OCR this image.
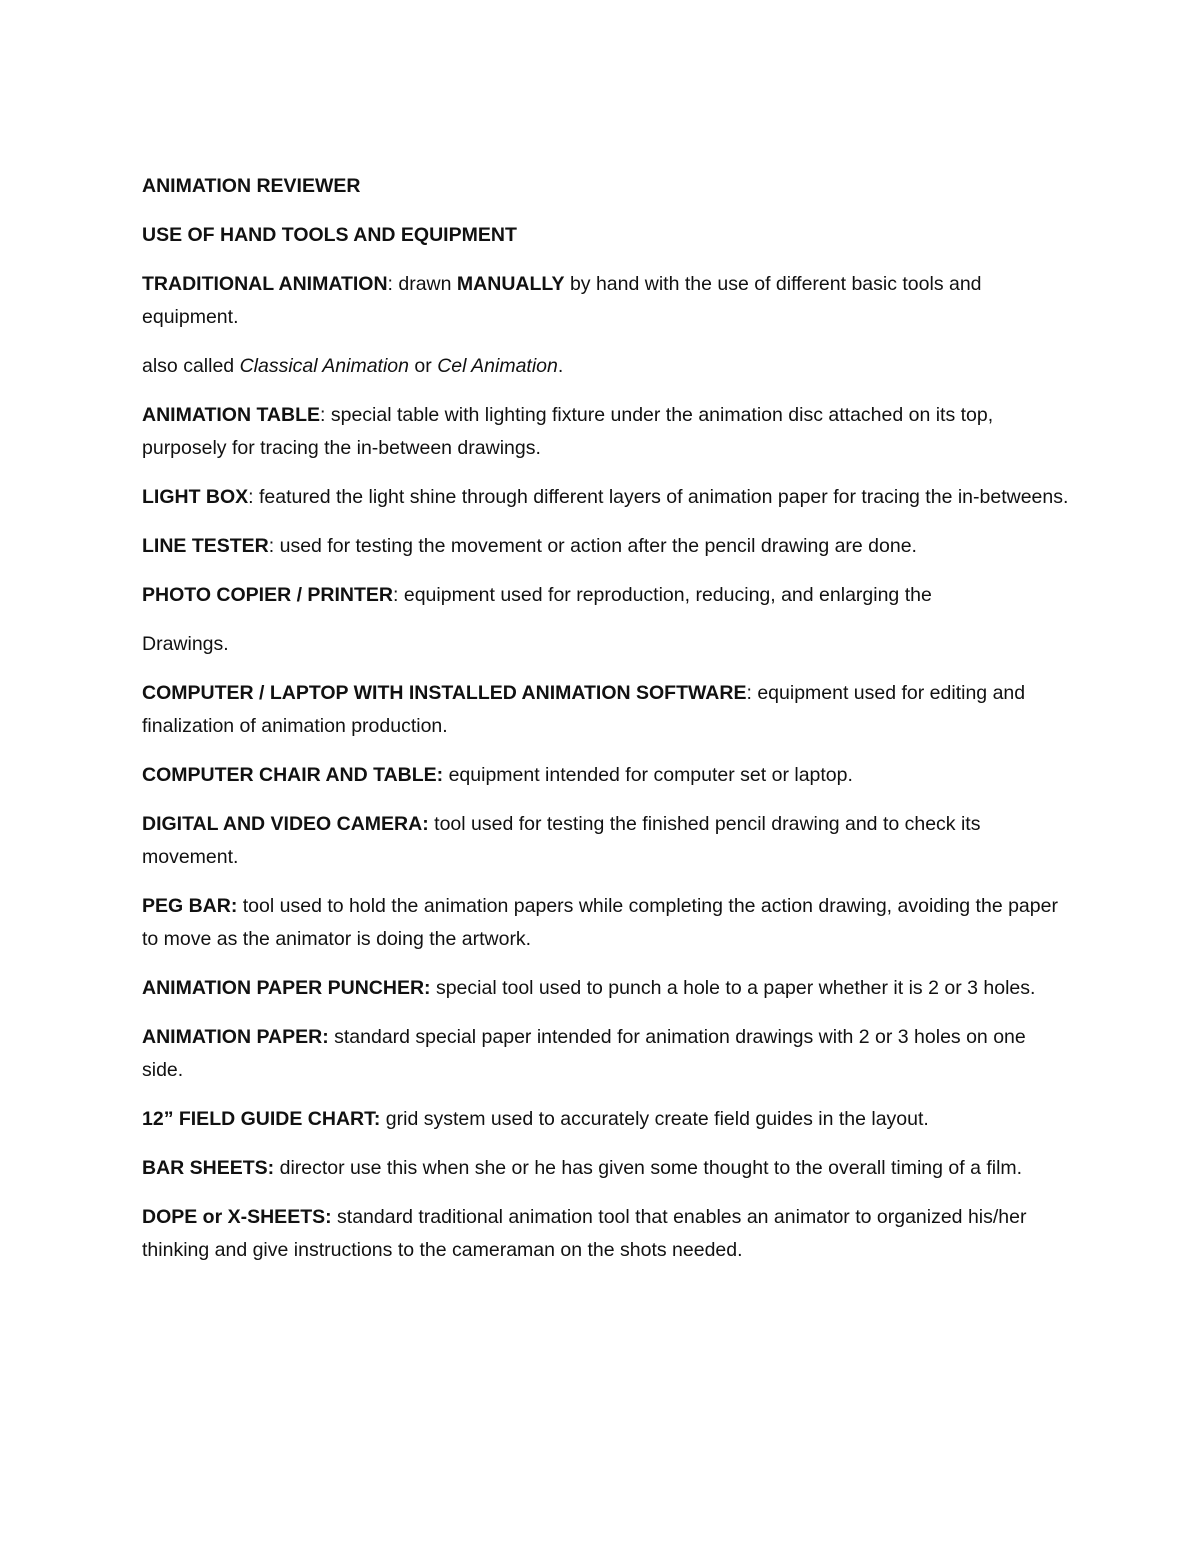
ANIMATION REVIEWER

USE OF HAND TOOLS AND EQUIPMENT

TRADITIONAL ANIMATION: drawn MANUALLY by hand with the use of different basic tools and equipment.

also called Classical Animation or Cel Animation.

ANIMATION TABLE: special table with lighting fixture under the animation disc attached on its top, purposely for tracing the in-between drawings.

LIGHT BOX: featured the light shine through different layers of animation paper for tracing the in-betweens.

LINE TESTER: used for testing the movement or action after the pencil drawing are done.

PHOTO COPIER / PRINTER: equipment used for reproduction, reducing, and enlarging the

Drawings.

COMPUTER / LAPTOP WITH INSTALLED ANIMATION SOFTWARE: equipment used for editing and finalization of animation production.

COMPUTER CHAIR AND TABLE: equipment intended for computer set or laptop.

DIGITAL AND VIDEO CAMERA: tool used for testing the finished pencil drawing and to check its movement.

PEG BAR: tool used to hold the animation papers while completing the action drawing, avoiding the paper to move as the animator is doing the artwork.

ANIMATION PAPER PUNCHER: special tool used to punch a hole to a paper whether it is 2 or 3 holes.

ANIMATION PAPER: standard special paper intended for animation drawings with 2 or 3 holes on one side.

12” FIELD GUIDE CHART: grid system used to accurately create field guides in the layout.

BAR SHEETS: director use this when she or he has given some thought to the overall timing of a film.

DOPE or X-SHEETS: standard traditional animation tool that enables an animator to organized his/her thinking and give instructions to the cameraman on the shots needed.
